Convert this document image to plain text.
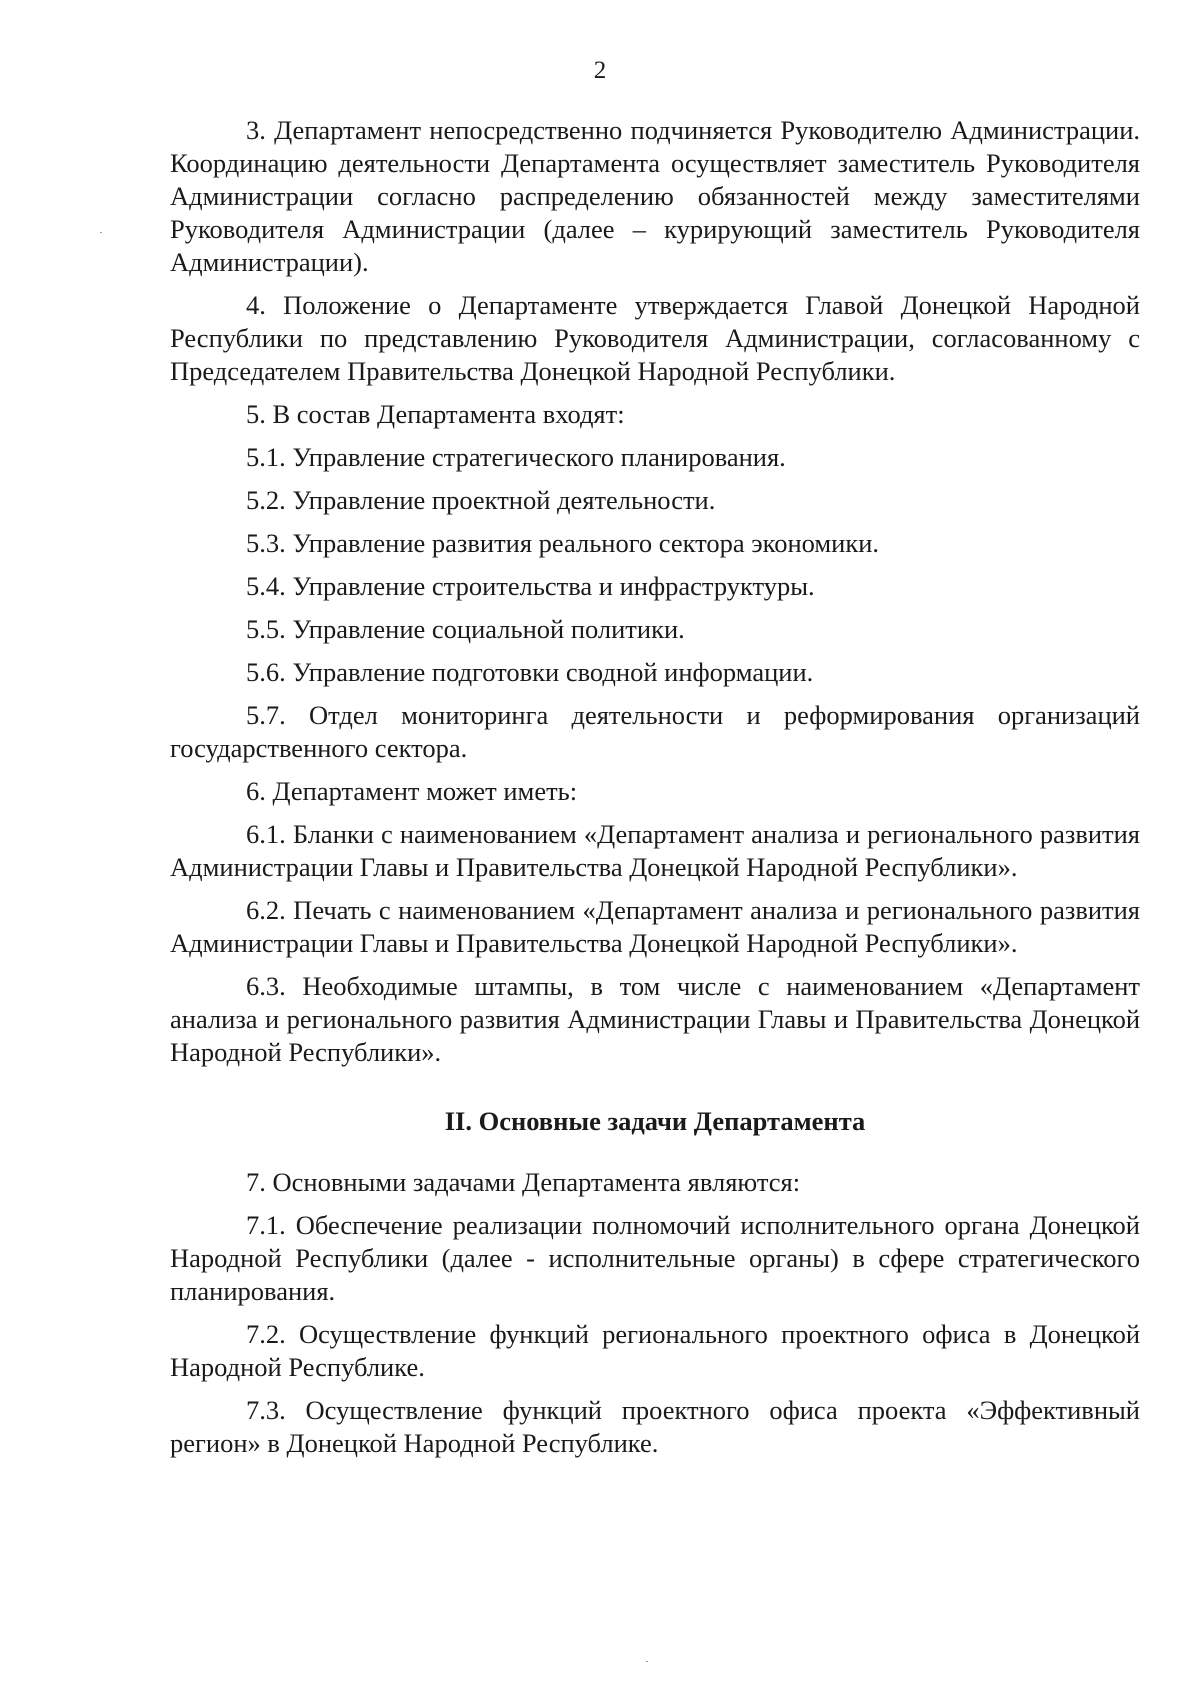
2

3. Департамент непосредственно подчиняется Руководителю Администрации. Координацию деятельности Департамента осуществляет заместитель Руководителя Администрации согласно распределению обязанностей между заместителями Руководителя Администрации (далее – курирующий заместитель Руководителя Администрации).

4. Положение о Департаменте утверждается Главой Донецкой Народной Республики по представлению Руководителя Администрации, согласованному с Председателем Правительства Донецкой Народной Республики.

5. В состав Департамента входят:

5.1. Управление стратегического планирования.

5.2. Управление проектной деятельности.

5.3. Управление развития реального сектора экономики.

5.4. Управление строительства и инфраструктуры.

5.5. Управление социальной политики.

5.6. Управление подготовки сводной информации.

5.7. Отдел мониторинга деятельности и реформирования организаций государственного сектора.

6. Департамент может иметь:

6.1. Бланки с наименованием «Департамент анализа и регионального развития Администрации Главы и Правительства Донецкой Народной Республики».

6.2. Печать с наименованием «Департамент анализа и регионального развития Администрации Главы и Правительства Донецкой Народной Республики».

6.3. Необходимые штампы, в том числе с наименованием «Департамент анализа и регионального развития Администрации Главы и Правительства Донецкой Народной Республики».

II. Основные задачи Департамента

7. Основными задачами Департамента являются:

7.1. Обеспечение реализации полномочий исполнительного органа Донецкой Народной Республики (далее - исполнительные органы) в сфере стратегического планирования.

7.2. Осуществление функций регионального проектного офиса в Донецкой Народной Республике.

7.3. Осуществление функций проектного офиса проекта «Эффективный регион» в Донецкой Народной Республике.
